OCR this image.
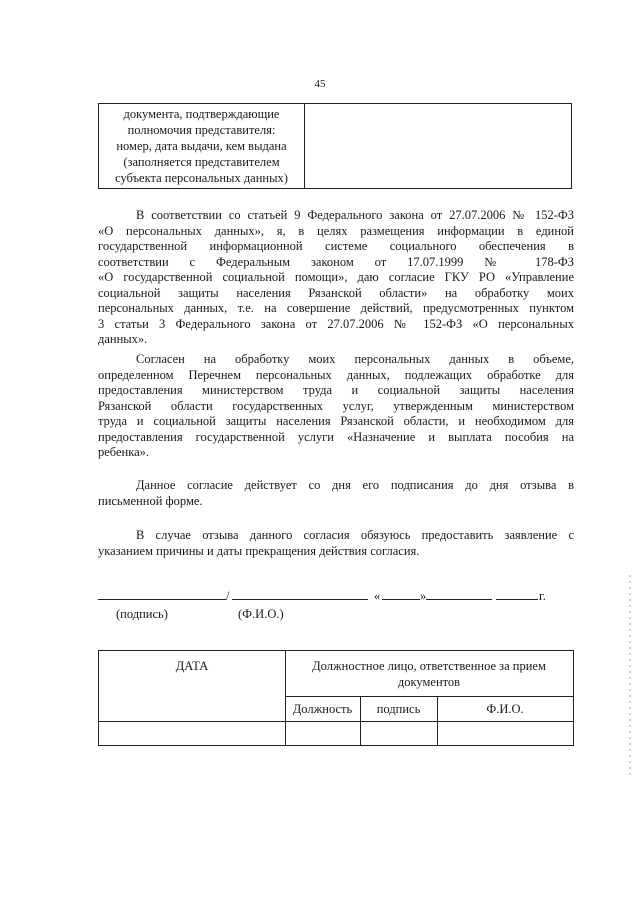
45
документа, подтверждающие
полномочия представителя:
номер, дата выдачи, кем выдана
(заполняется представителем
субъекта персональных данных)
В соответствии со статьей 9 Федерального закона от 27.07.2006 № 152-ФЗ
«О персональных данных», я, в целях размещения информации в единой
государственной информационной системе социального обеспечения в
соответствии с Федеральным законом от 17.07.1999 № 178-ФЗ
«О государственной социальной помощи», даю согласие ГКУ РО «Управление
социальной защиты населения Рязанской области» на обработку моих
персональных данных, т.е. на совершение действий, предусмотренных пунктом
3 статьи 3 Федерального закона от 27.07.2006 № 152-ФЗ «О персональных
данных».
Согласен на обработку моих персональных данных в объеме,
определенном Перечнем персональных данных, подлежащих обработке для
предоставления министерством труда и социальной защиты населения
Рязанской области государственных услуг, утвержденным министерством
труда и социальной защиты населения Рязанской области, и необходимом для
предоставления государственной услуги «Назначение и выплата пособия на
ребенка».
Данное согласие действует со дня его подписания до дня отзыва в
письменной форме.
В случае отзыва данного согласия обязуюсь предоставить заявление с
указанием причины и даты прекращения действия согласия.
/	«	»	г.
(подпись)	(Ф.И.О.)
ДАТА	Должностное лицо, ответственное за прием документов
Должность	подпись	Ф.И.О.
